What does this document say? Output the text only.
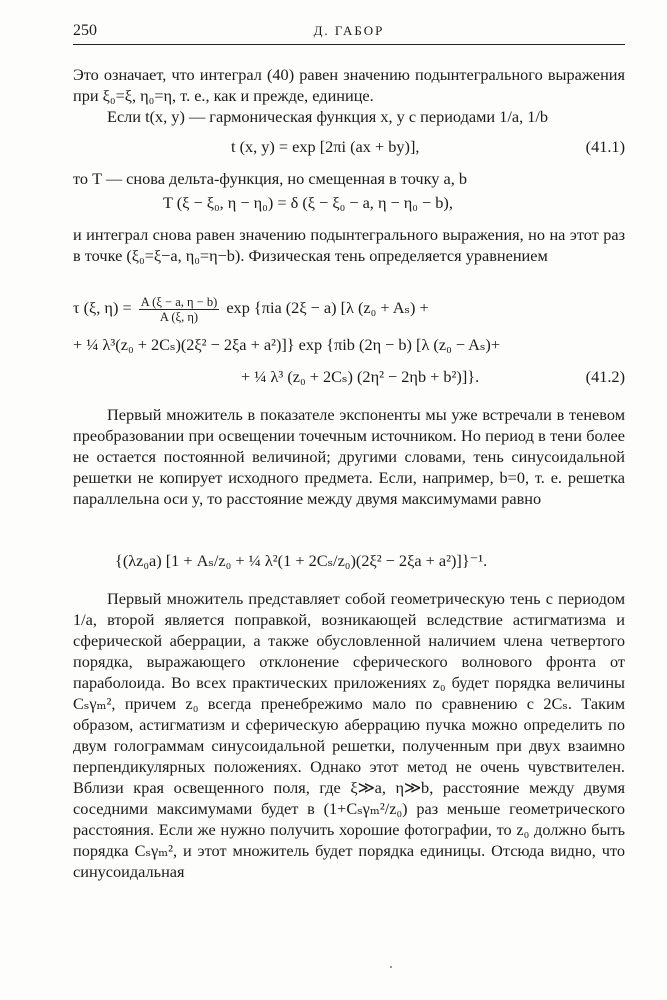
250	Д. ГАБОР

Это означает, что интеграл (40) равен значению подынтегрального выражения при ξ₀=ξ, η₀=η, т. е., как и прежде, единице.

Если t(x, y) — гармоническая функция x, y с периодами 1/a, 1/b

t (x, y) = exp [2πi (ax + by)],	(41.1)

то T — снова дельта-функция, но смещенная в точку a, b

T (ξ − ξ₀, η − η₀) = δ (ξ − ξ₀ − a, η − η₀ − b),

и интеграл снова равен значению подынтегрального выражения, но на этот раз в точке (ξ₀=ξ−a, η₀=η−b). Физическая тень определяется уравнением

τ (ξ, $\eta) = \frac{A (\xi - a, \eta - b)}{A (\xi, \eta)}$ exp {πia (2ξ − a) [λ (z₀ + Aₛ) +
+ ¼ λ³(z₀ + 2Cₛ)(2ξ² − 2ξa + a²)]} exp {πib (2η − b) [λ (z₀ − Aₛ)+
+ ¼ λ³ (z₀ + 2Cₛ) (2η² − 2ηb + b²)]}.	(41.2)

Первый множитель в показателе экспоненты мы уже встречали в теневом преобразовании при освещении точечным источником. Но период в тени более не остается постоянной величиной; другими словами, тень синусоидальной решетки не копирует исходного предмета. Если, например, b=0, т. е. решетка параллельна оси y, то расстояние между двумя максимумами равно

{(λz₀a) [1 + Aₛ/z₀ + ¼ λ²(1 + 2Cₛ/z₀)(2ξ² − 2ξa + a²)]}⁻¹.

Первый множитель представляет собой геометрическую тень с периодом 1/a, второй является поправкой, возникающей вследствие астигматизма и сферической аберрации, а также обусловленной наличием члена четвертого порядка, выражающего отклонение сферического волнового фронта от параболоида. Во всех практических приложениях z₀ будет порядка величины Cₛγₘ², причем z₀ всегда пренебрежимо мало по сравнению с 2Cₛ. Таким образом, астигматизм и сферическую аберрацию пучка можно определить по двум голограммам синусоидальной решетки, полученным при двух взаимно перпендикулярных положениях. Однако этот метод не очень чувствителен. Вблизи края освещенного поля, где ξ≫a, η≫b, расстояние между двумя соседними максимумами будет в (1+Cₛγₘ²/z₀) раз меньше геометрического расстояния. Если же нужно получить хорошие фотографии, то z₀ должно быть порядка Cₛγₘ², и этот множитель будет порядка единицы. Отсюда видно, что синусоидальная
